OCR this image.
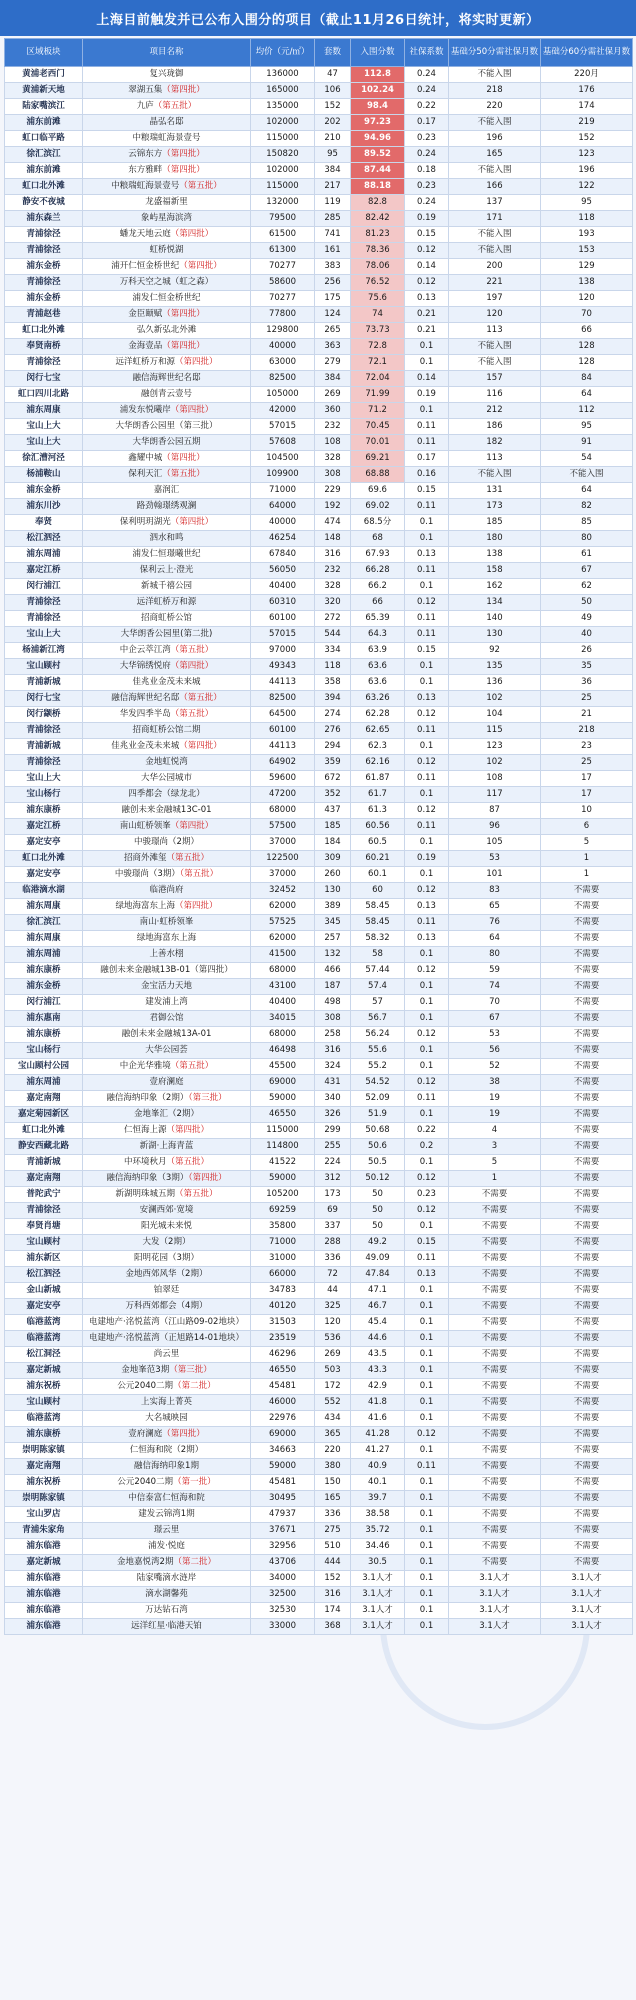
上海目前触发并已公布入围分的项目（截止11月26日统计，将实时更新）
区域板块	项目名称	均价（元/㎡）	套数	入围分数	社保系数	基础分50分需社保月数	基础分60分需社保月数
黄浦老西门	复兴珑御	136000	47	112.8	0.24	不能入围	220月
黄浦新天地	翠湖五集（第四批）	165000	106	102.24	0.24	218	176
陆家嘴滨江	九庐（第五批）	135000	152	98.4	0.22	220	174
浦东前滩	晶弘名邸	102000	202	97.23	0.17	不能入围	219
虹口临平路	中粮瑞虹海景壹号	115000	210	94.96	0.23	196	152
徐汇滨江	云锦东方（第四批）	150820	95	89.52	0.24	165	123
浦东前滩	东方雅畔（第四批）	102000	384	87.44	0.18	不能入围	196
虹口北外滩	中粮瑞虹海景壹号（第五批）	115000	217	88.18	0.23	166	122
静安不夜城	龙盛福新里	132000	119	82.8	0.24	137	95
浦东森兰	象屿星海滨湾	79500	285	82.42	0.19	171	118
青浦徐泾	蟠龙天地云庭（第四批）	61500	741	81.23	0.15	不能入围	193
青浦徐泾	虹桥悦湖	61300	161	78.36	0.12	不能入围	153
浦东金桥	浦开仁恒金桥世纪（第四批）	70277	383	78.06	0.14	200	129
青浦徐泾	万科天空之城（虹之森）	58600	256	76.52	0.12	221	138
浦东金桥	浦发仁恒金桥世纪	70277	175	75.6	0.13	197	120
青浦赵巷	金臣颐赋（第四批）	77800	124	74	0.21	120	70
虹口北外滩	弘久新弘北外滩	129800	265	73.73	0.21	113	66
奉贤南桥	金海壹品（第四批）	40000	363	72.8	0.1	不能入围	128
青浦徐泾	远洋虹桥万和源（第四批）	63000	279	72.1	0.1	不能入围	128
闵行七宝	融信海辉世纪名邸	82500	384	72.04	0.14	157	84
虹口四川北路	融创青云壹号	105000	269	71.99	0.19	116	64
浦东周康	浦发东悦曦岸（第四批）	42000	360	71.2	0.1	212	112
宝山上大	大华朗香公园里（第三批）	57015	232	70.45	0.11	186	95
宝山上大	大华朗香公园五期	57608	108	70.01	0.11	182	91
徐汇漕河泾	鑫耀中城（第四批）	104500	328	69.21	0.17	113	54
杨浦鞍山	保利天汇（第五批）	109900	308	68.88	0.16	不能入围	不能入围
浦东金桥	嘉润汇	71000	229	69.6	0.15	131	64
浦东川沙	路劲翰璟绣观澜	64000	192	69.02	0.11	173	82
奉贤	保利明玥湖光（第四批）	40000	474	68.5分	0.1	185	85
松江泗泾	泗水和鸣	46254	148	68	0.1	180	80
浦东周浦	浦发仁恒璟曦世纪	67840	316	67.93	0.13	138	61
嘉定江桥	保利云上·澄光	56050	232	66.28	0.11	158	67
闵行浦江	新城千禧公园	40400	328	66.2	0.1	162	62
青浦徐泾	远洋虹桥万和源	60310	320	66	0.12	134	50
青浦徐泾	招商虹桥公馆	60100	272	65.39	0.11	140	49
宝山上大	大华朗香公园里(第二批)	57015	544	64.3	0.11	130	40
杨浦新江湾	中企云萃江湾（第五批）	97000	334	63.9	0.15	92	26
宝山顾村	大华锦绣悦府（第四批）	49343	118	63.6	0.1	135	35
青浦新城	佳兆业金茂未来城	44113	358	63.6	0.1	136	36
闵行七宝	融信海辉世纪名邸（第五批）	82500	394	63.26	0.13	102	25
闵行颛桥	华发四季半岛（第五批）	64500	274	62.28	0.12	104	21
青浦徐泾	招商虹桥公馆二期	60100	276	62.65	0.11	115	218
青浦新城	佳兆业金茂未来城（第四批）	44113	294	62.3	0.1	123	23
青浦徐泾	金地虹悦湾	64902	359	62.16	0.12	102	25
宝山上大	大华公园城市	59600	672	61.87	0.11	108	17
宝山杨行	四季都会（绿龙北）	47200	352	61.7	0.1	117	17
浦东康桥	融创未来金融城13C-01	68000	437	61.3	0.12	87	10
嘉定江桥	南山虹桥领峯（第四批）	57500	185	60.56	0.11	96	6
嘉定安亭	中骏璟尚（2期）	37000	184	60.5	0.1	105	5
虹口北外滩	招商外滩玺（第五批）	122500	309	60.21	0.19	53	1
嘉定安亭	中骏璟尚（3期）（第五批）	37000	260	60.1	0.1	101	1
临港滴水湖	临港尚府	32452	130	60	0.12	83	不需要
浦东周康	绿地海富东上海（第四批）	62000	389	58.45	0.13	65	不需要
徐汇滨江	南山·虹桥领峯	57525	345	58.45	0.11	76	不需要
浦东周康	绿地海富东上海	62000	257	58.32	0.13	64	不需要
浦东周浦	上善水栩	41500	132	58	0.1	80	不需要
浦东康桥	融创未来金融城13B-01（第四批）	68000	466	57.44	0.12	59	不需要
浦东金桥	金宝活力天地	43100	187	57.4	0.1	74	不需要
闵行浦江	建发浦上湾	40400	498	57	0.1	70	不需要
浦东惠南	君御公馆	34015	308	56.7	0.1	67	不需要
浦东康桥	融创未来金融城13A-01	68000	258	56.24	0.12	53	不需要
宝山杨行	大华公园荟	46498	316	55.6	0.1	56	不需要
宝山顾村公园	中企光华雅境（第五批）	45500	324	55.2	0.1	52	不需要
浦东周浦	壹府澜庭	69000	431	54.52	0.12	38	不需要
嘉定南翔	融信海纳印象（2期）（第三批）	59000	340	52.09	0.11	19	不需要
嘉定菊园新区	金地峯汇（2期）	46550	326	51.9	0.1	19	不需要
虹口北外滩	仁恒海上源（第四批）	115000	299	50.68	0.22	4	不需要
静安西藏北路	新湖·上海青蓝	114800	255	50.6	0.2	3	不需要
青浦新城	中环境秋月（第五批）	41522	224	50.5	0.1	5	不需要
嘉定南翔	融信海纳印象（3期）（第四批）	59000	312	50.12	0.12	1	不需要
普陀武宁	新湖明珠城五期（第五批）	105200	173	50	0.23	不需要	不需要
青浦徐泾	安澜西郊·宽境	69259	69	50	0.12	不需要	不需要
奉贤肖塘	阳光城未来悦	35800	337	50	0.1	不需要	不需要
宝山顾村	大发（2期）	71000	288	49.2	0.15	不需要	不需要
浦东新区	阳明花园（3期）	31000	336	49.09	0.11	不需要	不需要
松江泗泾	金地西郊风华（2期）	66000	72	47.84	0.13	不需要	不需要
金山新城	铂翠廷	34783	44	47.1	0.1	不需要	不需要
嘉定安亭	万科西郊都会（4期）	40120	325	46.7	0.1	不需要	不需要
临港蓝湾	电建地产·洺悦蓝湾（江山路09-02地块）	31503	120	45.4	0.1	不需要	不需要
临港蓝湾	电建地产·洺悦蓝湾（正旭路14-01地块）	23519	536	44.6	0.1	不需要	不需要
松江洞泾	尚云里	46296	269	43.5	0.1	不需要	不需要
嘉定新城	金地峯范3期（第三批）	46550	503	43.3	0.1	不需要	不需要
浦东祝桥	公元2040二期（第二批）	45481	172	42.9	0.1	不需要	不需要
宝山顾村	上实海上菁英	46000	552	41.8	0.1	不需要	不需要
临港蓝湾	大名城映园	22976	434	41.6	0.1	不需要	不需要
浦东康桥	壹府澜庭（第四批）	69000	365	41.28	0.12	不需要	不需要
崇明陈家镇	仁恒海和院（2期）	34663	220	41.27	0.1	不需要	不需要
嘉定南翔	融信海纳印象1期	59000	380	40.9	0.11	不需要	不需要
浦东祝桥	公元2040二期（第一批）	45481	150	40.1	0.1	不需要	不需要
崇明陈家镇	中信泰富仁恒海和院	30495	165	39.7	0.1	不需要	不需要
宝山罗店	建发云锦湾1期	47937	336	38.58	0.1	不需要	不需要
青浦朱家角	璟云里	37671	275	35.72	0.1	不需要	不需要
浦东临港	浦发·悦庭	32956	510	34.46	0.1	不需要	不需要
嘉定新城	金地嘉悦湾2期（第二批）	43706	444	30.5	0.1	不需要	不需要
浦东临港	陆家嘴滴水涟岸	34000	152	3.1人才	0.1	3.1人才	3.1人才
浦东临港	滴水湖馨苑	32500	316	3.1人才	0.1	3.1人才	3.1人才
浦东临港	万达钻石湾	32530	174	3.1人才	0.1	3.1人才	3.1人才
浦东临港	远洋红星·临港天铂	33000	368	3.1人才	0.1	3.1人才	3.1人才
